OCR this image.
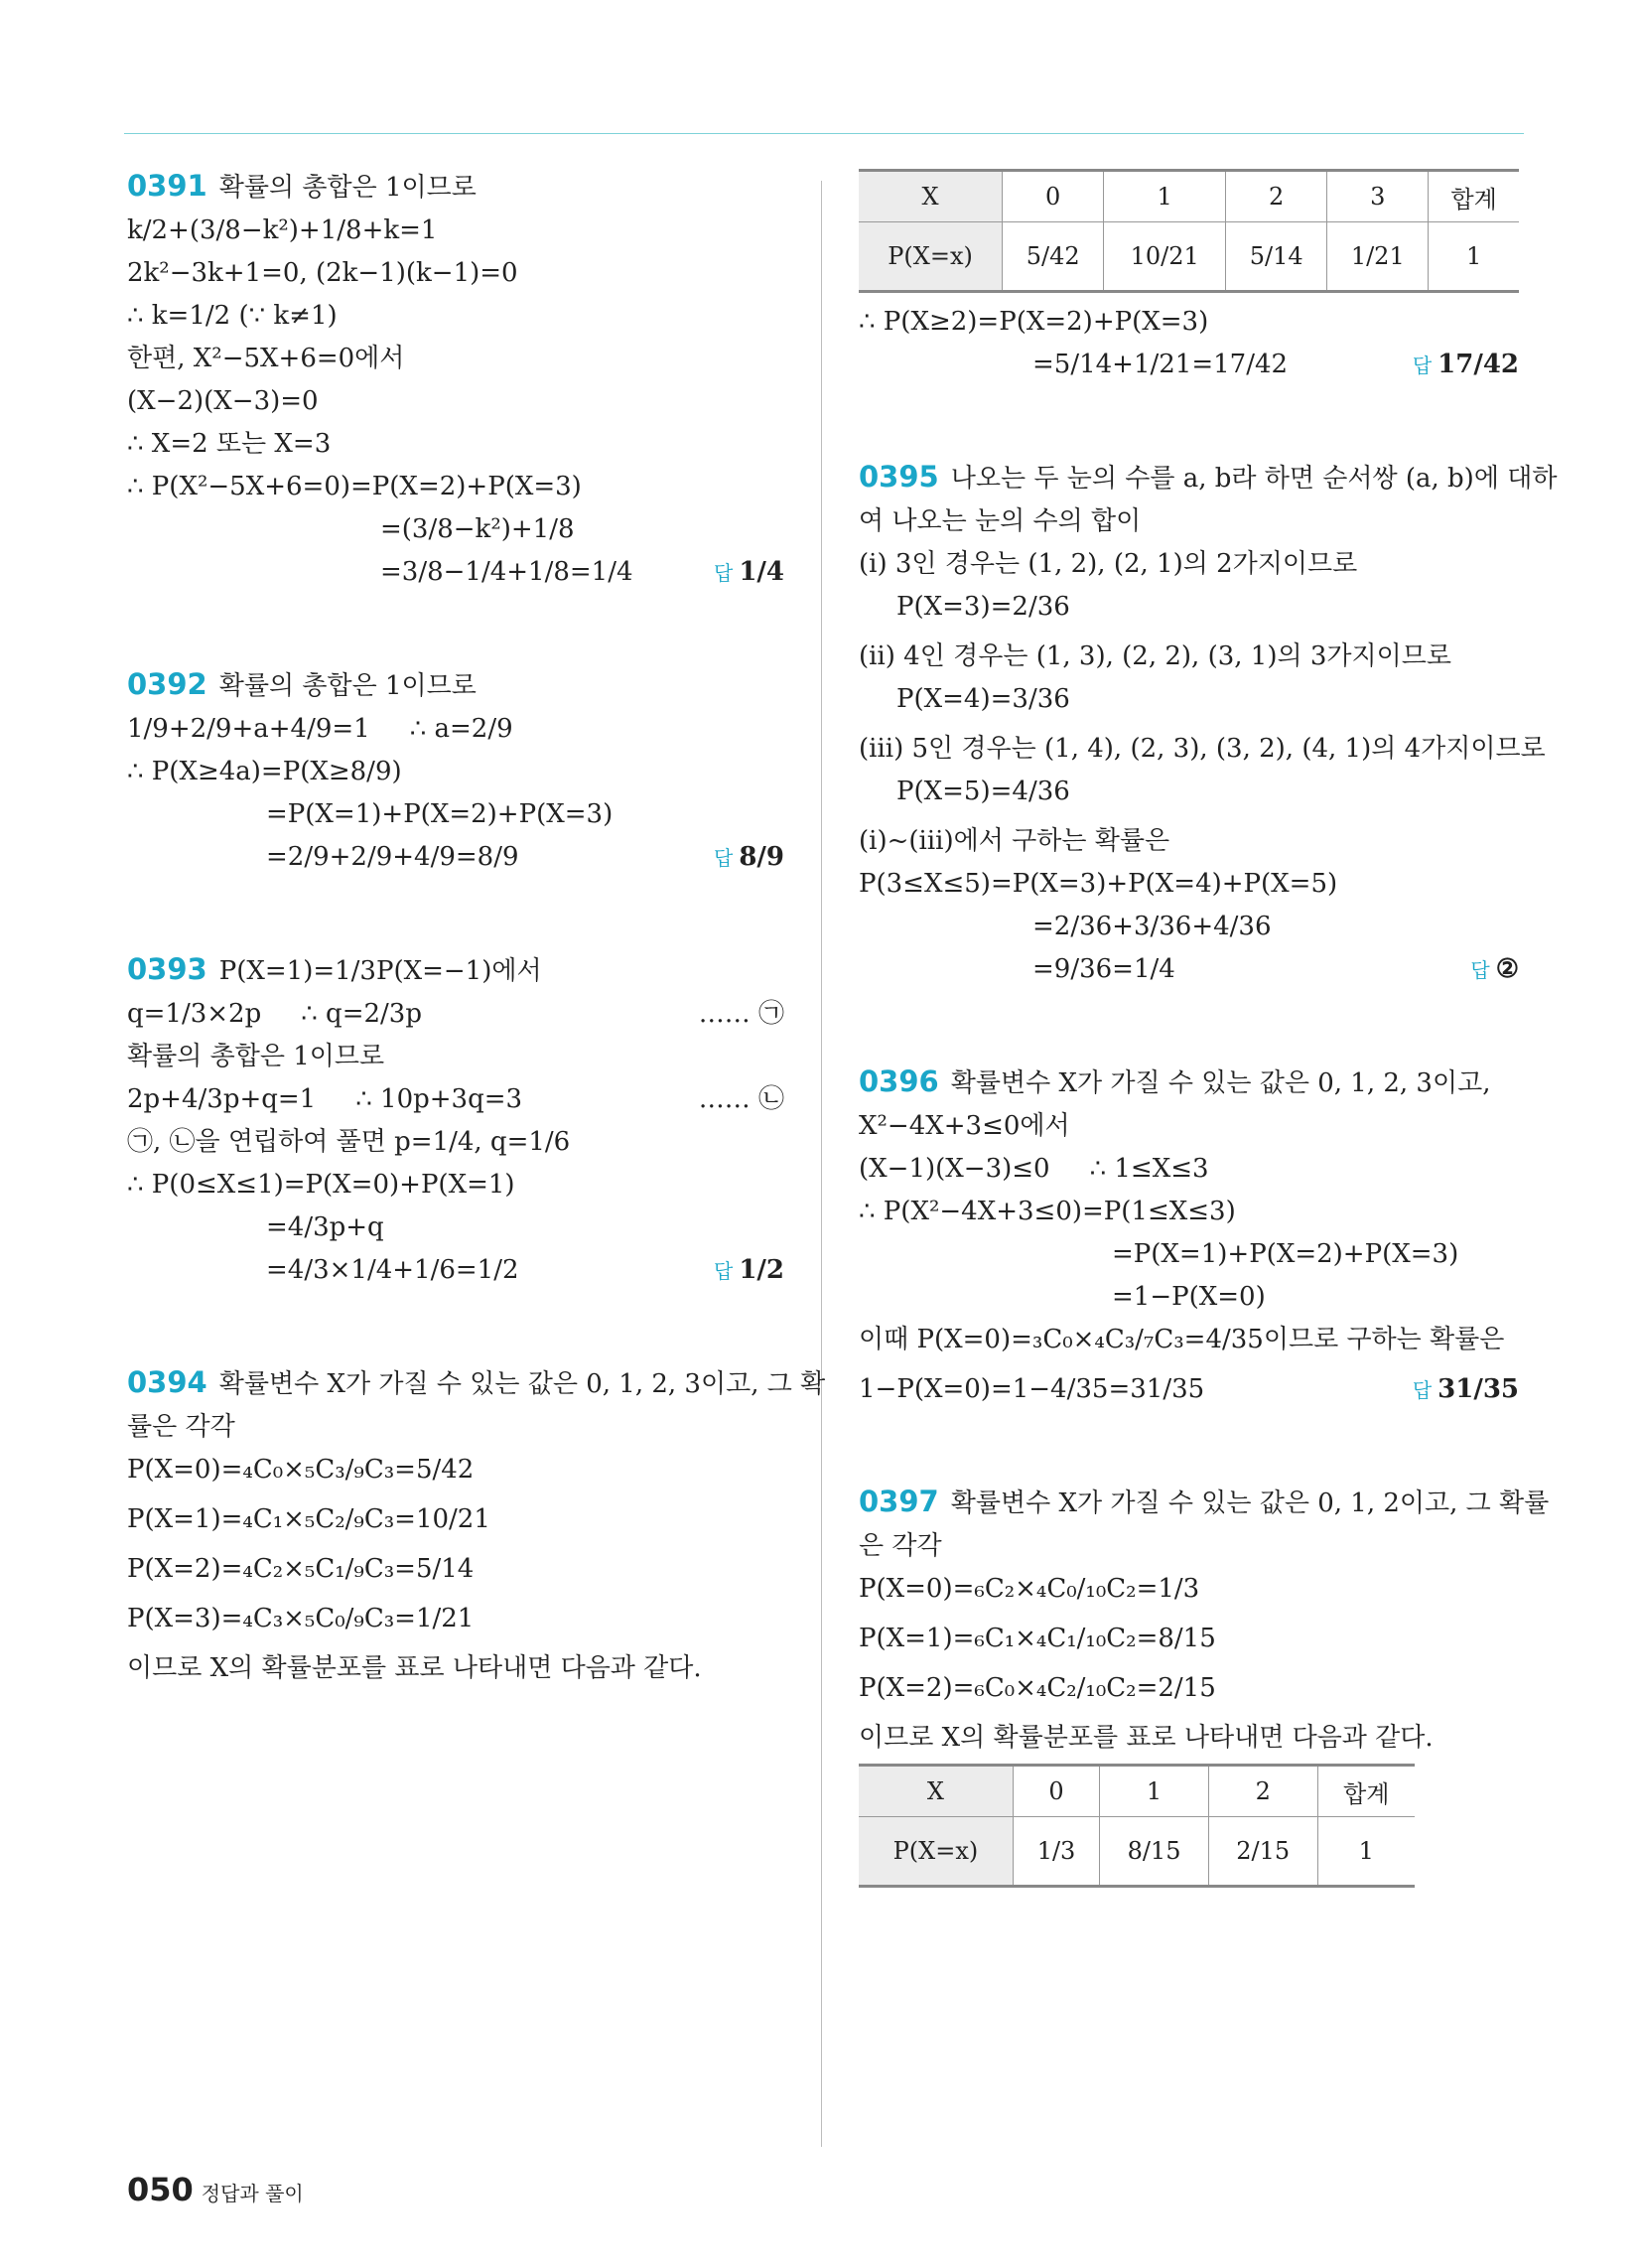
0391 확률의 총합은 1이므로
k/2+(3/8−k²)+1/8+k=1
2k²−3k+1=0, (2k−1)(k−1)=0
∴ k=1/2 (∵ k≠1)
한편, X²−5X+6=0에서
(X−2)(X−3)=0
∴ X=2 또는 X=3
∴ P(X²−5X+6=0)=P(X=2)+P(X=3)
=(3/8−k²)+1/8
=3/8−1/4+1/8=1/4	답 1/4
0392 확률의 총합은 1이므로
1/9+2/9+a+4/9=1 ∴ a=2/9
∴ P(X≥4a)=P(X≥8/9)
=P(X=1)+P(X=2)+P(X=3)
=2/9+2/9+4/9=8/9	답 8/9
0393 P(X=1)=1/3P(X=−1)에서
q=1/3×2p ∴ q=2/3p	…… ㉠
확률의 총합은 1이므로
2p+4/3p+q=1 ∴ 10p+3q=3	…… ㉡
㉠, ㉡을 연립하여 풀면 p=1/4, q=1/6
∴ P(0≤X≤1)=P(X=0)+P(X=1)
=4/3p+q
=4/3×1/4+1/6=1/2	답 1/2
0394 확률변수 X가 가질 수 있는 값은 0, 1, 2, 3이고, 그 확
률은 각각
P(X=0)=₄C₀×₅C₃/₉C₃=5/42
P(X=1)=₄C₁×₅C₂/₉C₃=10/21
P(X=2)=₄C₂×₅C₁/₉C₃=5/14
P(X=3)=₄C₃×₅C₀/₉C₃=1/21
이므로 X의 확률분포를 표로 나타내면 다음과 같다.
X	0	1	2	3	합계
P(X=x)	5/42	10/21	5/14	1/21	1
∴ P(X≥2)=P(X=2)+P(X=3)
=5/14+1/21=17/42	답 17/42
0395 나오는 두 눈의 수를 a, b라 하면 순서쌍 (a, b)에 대하
여 나오는 눈의 수의 합이
(ⅰ) 3인 경우는 (1, 2), (2, 1)의 2가지이므로
P(X=3)=2/36
(ⅱ) 4인 경우는 (1, 3), (2, 2), (3, 1)의 3가지이므로
P(X=4)=3/36
(ⅲ) 5인 경우는 (1, 4), (2, 3), (3, 2), (4, 1)의 4가지이므로
P(X=5)=4/36
(ⅰ)~(ⅲ)에서 구하는 확률은
P(3≤X≤5)=P(X=3)+P(X=4)+P(X=5)
=2/36+3/36+4/36
=9/36=1/4	답 ②
0396 확률변수 X가 가질 수 있는 값은 0, 1, 2, 3이고,
X²−4X+3≤0에서
(X−1)(X−3)≤0 ∴ 1≤X≤3
∴ P(X²−4X+3≤0)=P(1≤X≤3)
=P(X=1)+P(X=2)+P(X=3)
=1−P(X=0)
이때 P(X=0)=₃C₀×₄C₃/₇C₃=4/35이므로 구하는 확률은
1−P(X=0)=1−4/35=31/35	답 31/35
0397 확률변수 X가 가질 수 있는 값은 0, 1, 2이고, 그 확률
은 각각
P(X=0)=₆C₂×₄C₀/₁₀C₂=1/3
P(X=1)=₆C₁×₄C₁/₁₀C₂=8/15
P(X=2)=₆C₀×₄C₂/₁₀C₂=2/15
이므로 X의 확률분포를 표로 나타내면 다음과 같다.
X	0	1	2	합계
P(X=x)	1/3	8/15	2/15	1
050 정답과 풀이
